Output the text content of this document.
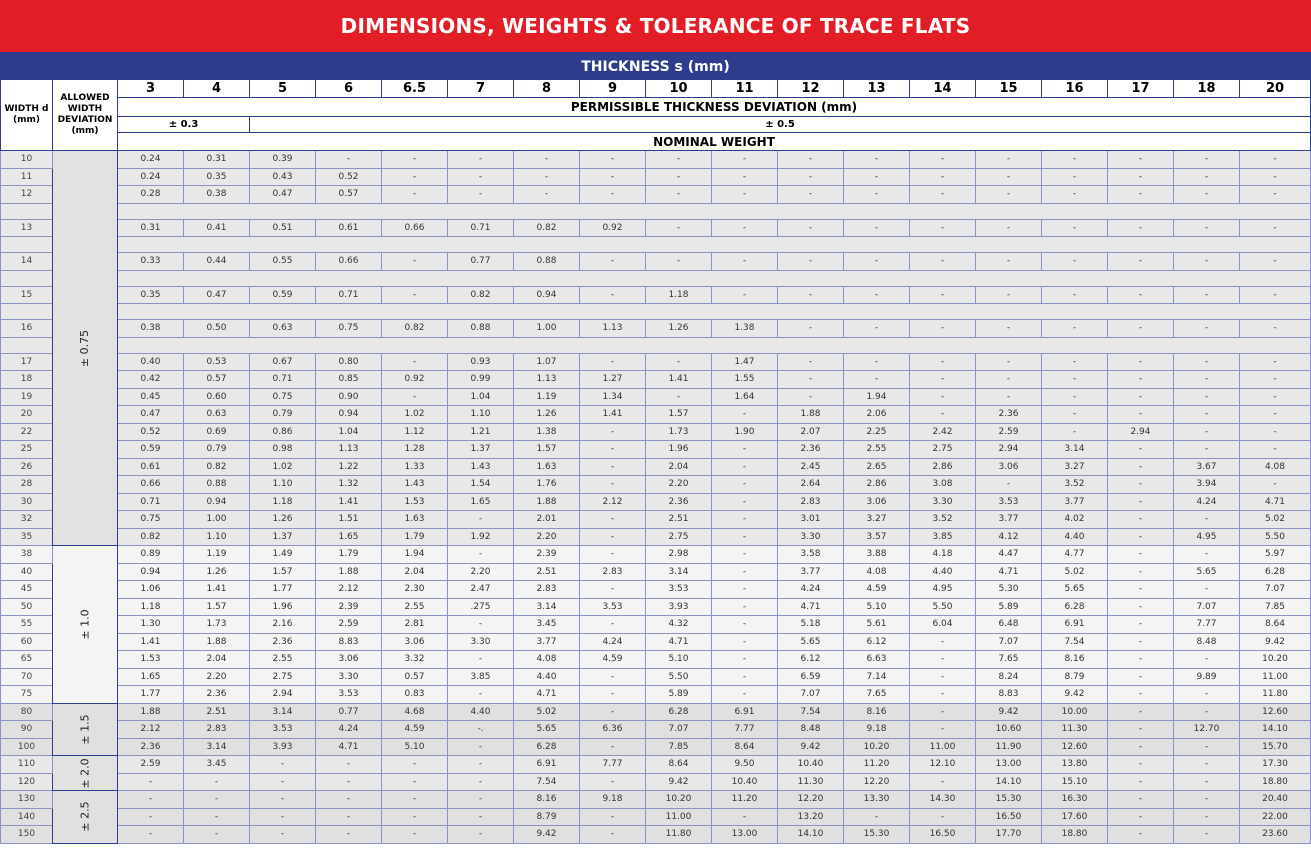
DIMENSIONS, WEIGHTS & TOLERANCE OF TRACE FLATS
THICKNESS s (mm)
WIDTH d (mm)	ALLOWED WIDTH DEVIATION (mm)	3	4	5	6	6.5	7	8	9	10	11	12	13	14	15	16	17	18	20
		PERMISSIBLE THICKNESS DEVIATION (mm)																	
		± 0.3		± 0.5															
		NOMINAL WEIGHT																	
10	± 0.75	0.24	0.31	0.39	-	-	-	-	-	-	-	-	-	-	-	-	-	-	-
11		0.24	0.35	0.43	0.52	-	-	-	-	-	-	-	-	-	-	-	-	-	-
12		0.28	0.38	0.47	0.57	-	-	-	-	-	-	-	-	-	-	-	-	-	-

13		0.31	0.41	0.51	0.61	0.66	0.71	0.82	0.92	-	-	-	-	-	-	-	-	-	-

14		0.33	0.44	0.55	0.66	-	0.77	0.88	-	-	-	-	-	-	-	-	-	-	-

15		0.35	0.47	0.59	0.71	-	0.82	0.94	-	1.18	-	-	-	-	-	-	-	-	-

16		0.38	0.50	0.63	0.75	0.82	0.88	1.00	1.13	1.26	1.38	-	-	-	-	-	-	-	-

17		0.40	0.53	0.67	0.80	-	0.93	1.07	-	-	1.47	-	-	-	-	-	-	-	-
18		0.42	0.57	0.71	0.85	0.92	0.99	1.13	1.27	1.41	1.55	-	-	-	-	-	-	-	-
19		0.45	0.60	0.75	0.90	-	1.04	1.19	1.34	-	1.64	-	1.94	-	-	-	-	-	-
20		0.47	0.63	0.79	0.94	1.02	1.10	1.26	1.41	1.57	-	1.88	2.06	-	2.36	-	-	-	-
22		0.52	0.69	0.86	1.04	1.12	1.21	1.38	-	1.73	1.90	2.07	2.25	2.42	2.59	-	2.94	-	-
25		0.59	0.79	0.98	1.13	1.28	1.37	1.57	-	1.96	-	2.36	2.55	2.75	2.94	3.14	-	-	-
26		0.61	0.82	1.02	1.22	1.33	1.43	1.63	-	2.04	-	2.45	2.65	2.86	3.06	3.27	-	3.67	4.08
28		0.66	0.88	1.10	1.32	1.43	1.54	1.76	-	2.20	-	2.64	2.86	3.08	-	3.52	-	3.94	-
30		0.71	0.94	1.18	1.41	1.53	1.65	1.88	2.12	2.36	-	2.83	3.06	3.30	3.53	3.77	-	4.24	4.71
32		0.75	1.00	1.26	1.51	1.63	-	2.01	-	2.51	-	3.01	3.27	3.52	3.77	4.02	-	-	5.02
35		0.82	1.10	1.37	1.65	1.79	1.92	2.20	-	2.75	-	3.30	3.57	3.85	4.12	4.40	-	4.95	5.50
38	± 1.0	0.89	1.19	1.49	1.79	1.94	-	2.39	-	2.98	-	3.58	3.88	4.18	4.47	4.77	-	-	5.97
40		0.94	1.26	1.57	1.88	2.04	2.20	2.51	2.83	3.14	-	3.77	4.08	4.40	4.71	5.02	-	5.65	6.28
45		1.06	1.41	1.77	2.12	2.30	2.47	2.83	-	3.53	-	4.24	4.59	4.95	5.30	5.65	-	-	7.07
50		1.18	1.57	1.96	2.39	2.55	.275	3.14	3.53	3.93	-	4.71	5.10	5.50	5.89	6.28	-	7.07	7.85
55		1.30	1.73	2.16	2.59	2.81	-	3.45	-	4.32	-	5.18	5.61	6.04	6.48	6.91	-	7.77	8.64
60		1.41	1.88	2.36	8.83	3.06	3.30	3.77	4.24	4.71	-	5.65	6.12	-	7.07	7.54	-	8.48	9.42
65		1.53	2.04	2.55	3.06	3.32	-	4.08	4.59	5.10	-	6.12	6.63	-	7.65	8.16	-	-	10.20
70		1.65	2.20	2.75	3.30	0.57	3.85	4.40	-	5.50	-	6.59	7.14	-	8.24	8.79	-	9.89	11.00
75		1.77	2.36	2.94	3.53	0.83	-	4.71	-	5.89	-	7.07	7.65	-	8.83	9.42	-	-	11.80
80	± 1.5	1.88	2.51	3.14	0.77	4.68	4.40	5.02	-	6.28	6.91	7.54	8.16	-	9.42	10.00	-	-	12.60
90		2.12	2.83	3.53	4.24	4.59	-.	5.65	6.36	7.07	7.77	8.48	9.18	-	10.60	11.30	-	12.70	14.10
100		2.36	3.14	3.93	4.71	5.10	-	6.28	-	7.85	8.64	9.42	10.20	11.00	11.90	12.60	-	-	15.70
110	± 2.0	2.59	3.45	-	-	-	-	6.91	7.77	8.64	9.50	10.40	11.20	12.10	13.00	13.80	-	-	17.30
120		-	-	-	-	-	-	7.54	-	9.42	10.40	11.30	12.20	-	14.10	15.10	-	-	18.80
130	± 2.5	-	-	-	-	-	-	8.16	9.18	10.20	11.20	12.20	13.30	14.30	15.30	16.30	-	-	20.40
140		-	-	-	-	-	-	8.79	-	11.00	-	13.20	-	-	16.50	17.60	-	-	22.00
150		-	-	-	-	-	-	9.42	-	11.80	13.00	14.10	15.30	16.50	17.70	18.80	-	-	23.60
